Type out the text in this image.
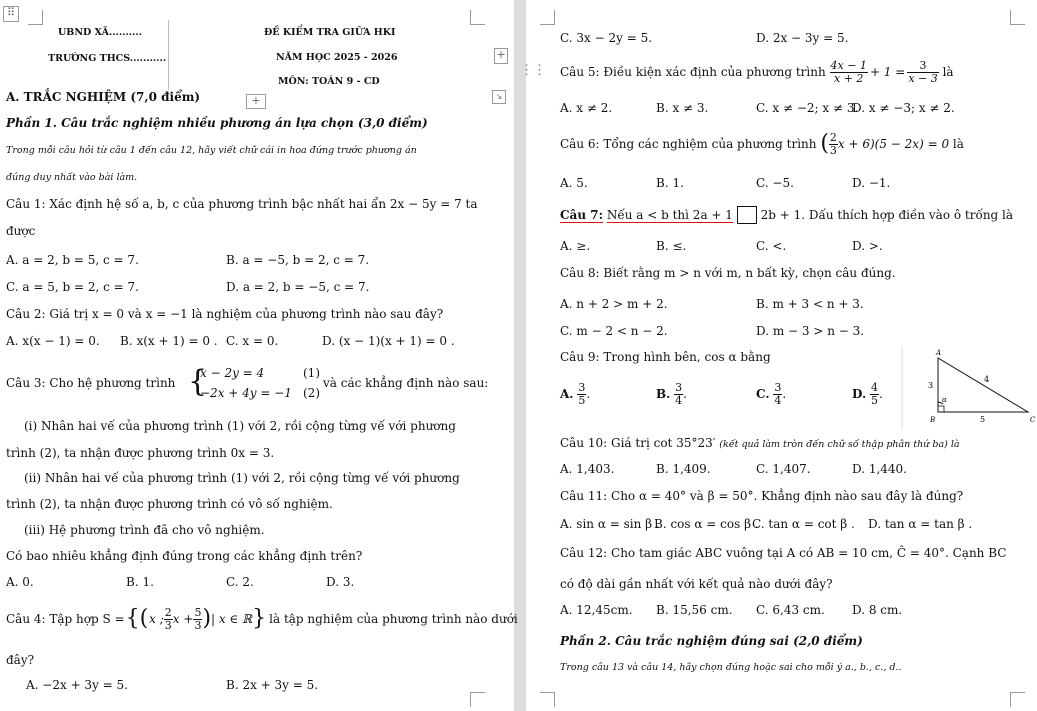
⠿
UBND XÃ..........
TRƯỜNG THCS...........
ĐỀ KIỂM TRA GIỮA HKI
NĂM HỌC 2025 - 2026
MÔN: TOÁN 9 - CD
+
+	↘
A. TRẮC NGHIỆM (7,0 điểm)
Phần 1. Câu trắc nghiệm nhiều phương án lựa chọn (3,0 điểm)
Trong mỗi câu hỏi từ câu 1 đến câu 12, hãy viết chữ cái in hoa đứng trước phương án
đúng duy nhất vào bài làm.
Câu 1: Xác định hệ số a, b, c của phương trình bậc nhất hai ẩn 2x − 5y = 7 ta
được
A. a = 2, b = 5, c = 7.	B. a = −5, b = 2, c = 7.
C. a = 5, b = 2, c = 7.	D. a = 2, b = −5, c = 7.
Câu 2: Giá trị x = 0 và x = −1 là nghiệm của phương trình nào sau đây?
A. x(x − 1) = 0. B. x(x + 1) = 0 . C. x = 0.	D. (x − 1)(x + 1) = 0 .
Câu 3: Cho hệ phương trình {
x − 2y = 4
−2x + 4y = −1
(1)
(2)
và các khẳng định nào sau:
(i) Nhân hai vế của phương trình (1) với 2, rồi cộng từng vế với phương
trình (2), ta nhận được phương trình 0x = 3.
(ii) Nhân hai vế của phương trình (1) với 2, rồi cộng từng vế với phương
trình (2), ta nhận được phương trình có vô số nghiệm.
(iii) Hệ phương trình đã cho vô nghiệm.
Có bao nhiêu khẳng định đúng trong các khẳng định trên?
A. 0.	B. 1.	C. 2.	D. 3.
Câu 4: Tập hợp S = {( x ; $\frac{2}{3}$ $x + \frac{5}{3}$ ) | x ∈ ℝ } là tập nghiệm của phương trình nào dưới
đây?
A. −2x + 3y = 5.	B. 2x + 3y = 5.
⋮⋮
C. 3x − 2y = 5.	D. 2x − 3y = 5.
Câu 5: Điều kiện xác định của phương trình
$\frac{4x - 1}{x + 2} + 1 = \frac{3}{x - 3}$
là
A. x ≠ 2.	B. x ≠ 3.	C. x ≠ −2; x ≠ 3.
D. x ≠ −3; x ≠ 2.
Câu 6: Tổng các nghiệm của phương trình
( $\frac{2}{3}$ x + 6)(5 − 2x) = 0
là
A. 5.	B. 1.	C. −5.	D. −1.
Câu 7:
Nếu a < b thì 2a + 1

2b + 1. Dấu thích hợp điền vào ô trống là
A. ≥.	B. ≤.	C. <.	D. >.
Câu 8: Biết rằng m > n với m, n bất kỳ, chọn câu đúng.
A. n + 2 > m + 2.	B. m + 3 < n + 3.
C. m − 2 < n − 2.	D. m − 3 > n − 3.
Câu 9: Trong hình bên, cos α bằng
A.
$\frac{3}{5}$ .	B.
$\frac{3}{4}$ .	C.
$\frac{3}{4}$ .	D.
$\frac{4}{5}$ .
A
B	C
3
4
5
α
Câu 10: Giá trị cot 35°23′ (kết quả làm tròn đến chữ số thập phân thứ ba) là
A. 1,403.	B. 1,409.	C. 1,407.	D. 1,440.
Câu 11: Cho α = 40° và β = 50°. Khẳng định nào sau đây là đúng?
A. sin α = sin β .
B. cos α = cos β .
C. tan α = cot β . D. tan α = tan β .
Câu 12: Cho tam giác ABC vuông tại A có AB = 10 cm, Ĉ = 40°. Cạnh BC
có độ dài gần nhất với kết quả nào dưới đây?
A. 12,45cm. B. 15,56 cm. C. 6,43 cm. D. 8 cm.
Phần 2. Câu trắc nghiệm đúng sai (2,0 điểm)
Trong câu 13 và câu 14, hãy chọn đúng hoặc sai cho mỗi ý a., b., c., d..
